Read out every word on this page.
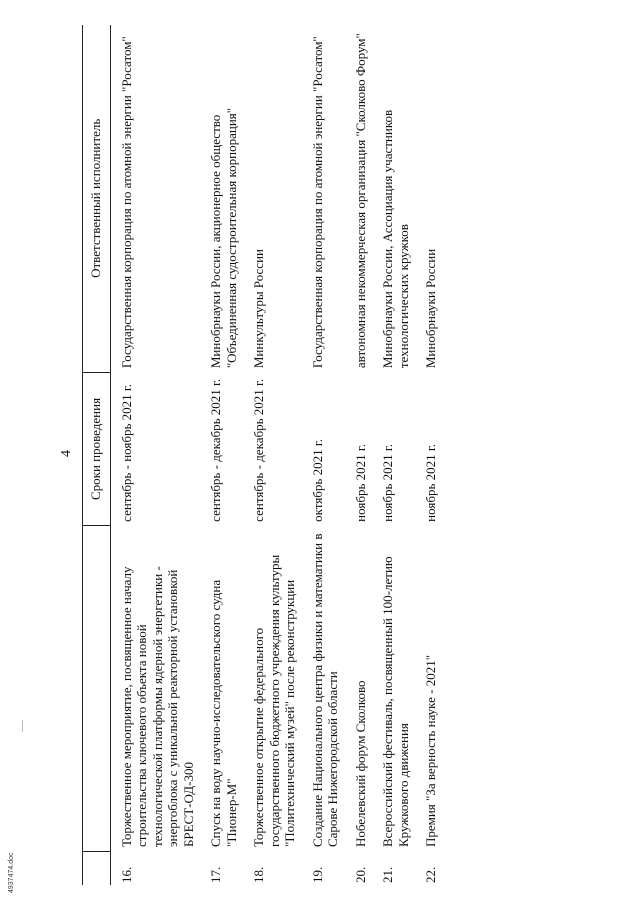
4
		Сроки проведения	Ответственный исполнитель
16.	Торжественное мероприятие, посвященное началу строительства ключевого объекта новой технологической платформы ядерной энергетики - энергоблока с уникальной реакторной установкой БРЕСТ-ОД-300	сентябрь - ноябрь 2021 г.	Государственная корпорация по атомной энергии "Росатом"
17.	Спуск на воду научно-исследовательского судна "Пионер-М"	сентябрь - декабрь 2021 г.	Минобрнауки России, акционерное общество "Объединенная судостроительная корпорация"
18.	Торжественное открытие федерального государственного бюджетного учреждения культуры "Политехнический музей" после реконструкции	сентябрь - декабрь 2021 г.	Минкультуры России
19.	Создание Национального центра физики и математики в Сарове Нижегородской области	октябрь 2021 г.	Государственная корпорация по атомной энергии "Росатом"
20.	Нобелевский форум Сколково	ноябрь 2021 г.	автономная некоммерческая организация "Сколково Форум"
21.	Всероссийский фестиваль, посвященный 100-летию Кружкового движения	ноябрь 2021 г.	Минобрнауки России, Ассоциация участников технологических кружков
22.	Премия "За верность науке - 2021"	ноябрь 2021 г.	Минобрнауки России
4937474.doc
